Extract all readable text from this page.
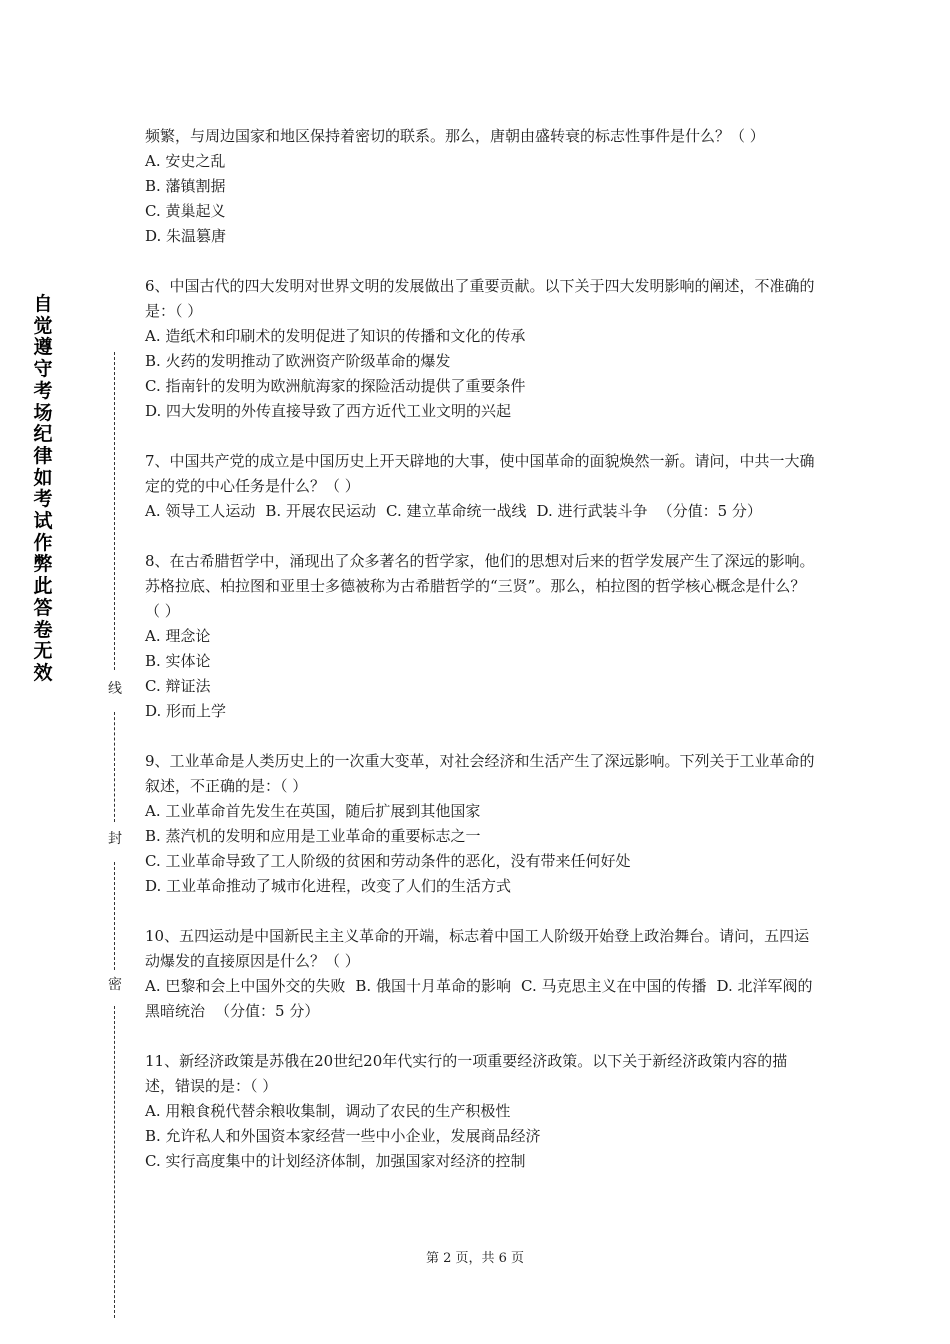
自觉遵守考场纪律如考试作弊此答卷无效
线
封
密

频繁，与周边国家和地区保持着密切的联系。那么，唐朝由盛转衰的标志性事件是什么？（ ）

A. 安史之乱
B. 藩镇割据
C. 黄巢起义
D. 朱温篡唐

6、中国古代的四大发明对世界文明的发展做出了重要贡献。以下关于四大发明影响的阐述，不准确的是：（ ）

A. 造纸术和印刷术的发明促进了知识的传播和文化的传承
B. 火药的发明推动了欧洲资产阶级革命的爆发
C. 指南针的发明为欧洲航海家的探险活动提供了重要条件
D. 四大发明的外传直接导致了西方近代工业文明的兴起

7、中国共产党的成立是中国历史上开天辟地的大事，使中国革命的面貌焕然一新。请问，中共一大确定的党的中心任务是什么？（ ）

A. 领导工人运动 B. 开展农民运动 C. 建立革命统一战线 D. 进行武装斗争 （分值：5 分）

8、在古希腊哲学中，涌现出了众多著名的哲学家，他们的思想对后来的哲学发展产生了深远的影响。苏格拉底、柏拉图和亚里士多德被称为古希腊哲学的“三贤”。那么，柏拉图的哲学核心概念是什么？（ ）

A. 理念论
B. 实体论
C. 辩证法
D. 形而上学

9、工业革命是人类历史上的一次重大变革，对社会经济和生活产生了深远影响。下列关于工业革命的叙述，不正确的是：（ ）

A. 工业革命首先发生在英国，随后扩展到其他国家
B. 蒸汽机的发明和应用是工业革命的重要标志之一
C. 工业革命导致了工人阶级的贫困和劳动条件的恶化，没有带来任何好处
D. 工业革命推动了城市化进程，改变了人们的生活方式

10、五四运动是中国新民主主义革命的开端，标志着中国工人阶级开始登上政治舞台。请问，五四运动爆发的直接原因是什么？（ ）

A. 巴黎和会上中国外交的失败 B. 俄国十月革命的影响 C. 马克思主义在中国的传播 D. 北洋军阀的黑暗统治 （分值：5 分）

11、新经济政策是苏俄在20世纪20年代实行的一项重要经济政策。以下关于新经济政策内容的描述，错误的是：（ ）

A. 用粮食税代替余粮收集制，调动了农民的生产积极性
B. 允许私人和外国资本家经营一些中小企业，发展商品经济
C. 实行高度集中的计划经济体制，加强国家对经济的控制
第 2 页，共 6 页
